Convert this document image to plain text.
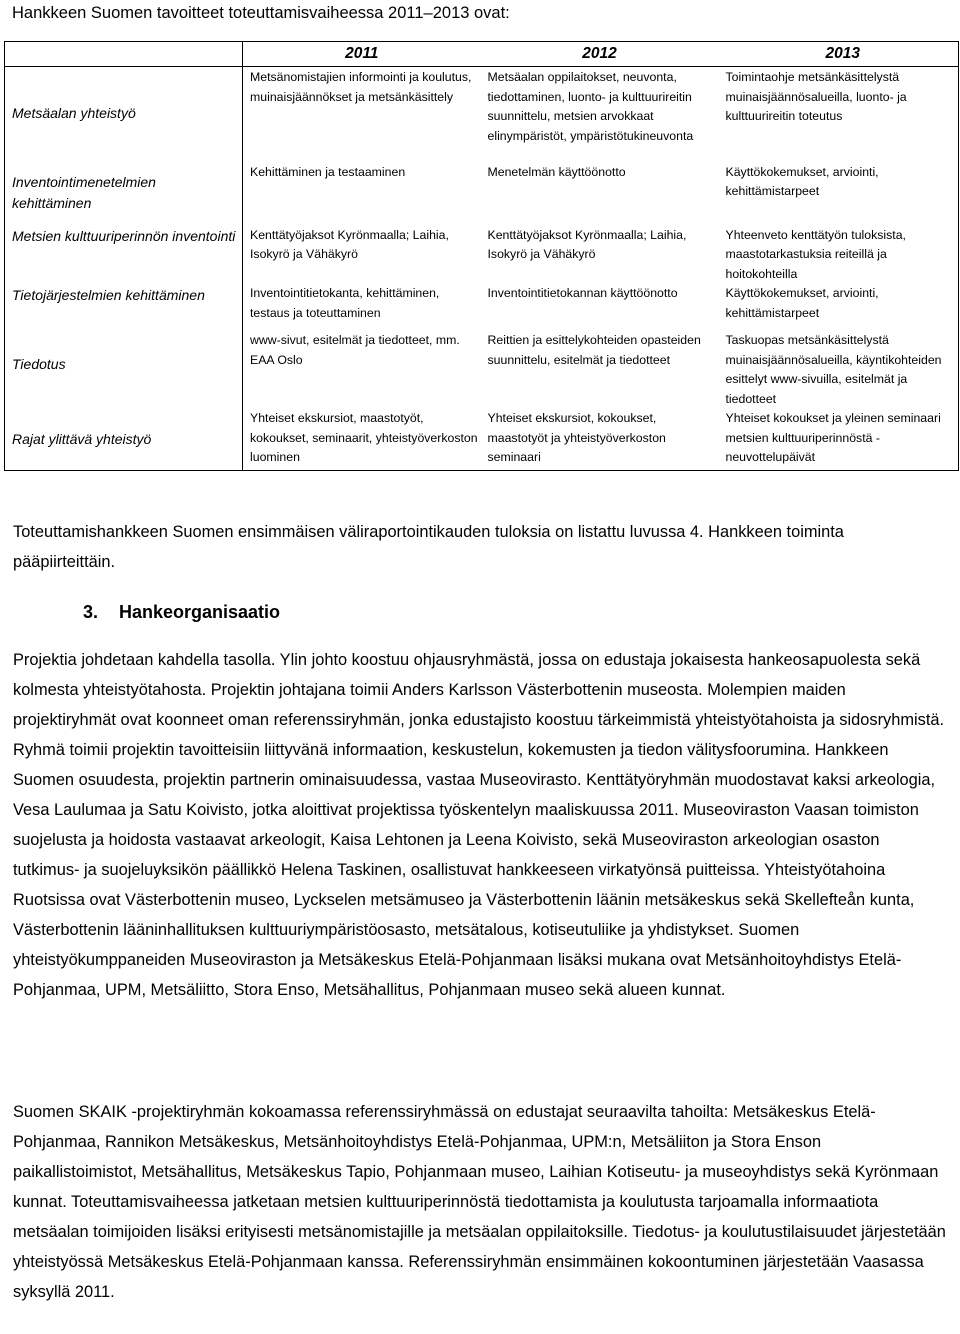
Hankkeen Suomen tavoitteet toteuttamisvaiheessa 2011–2013 ovat:
	2011	2012	2013
Metsäalan yhteistyö	Metsänomistajien informointi ja koulutus, muinaisjäännökset ja metsänkäsittely	Metsäalan oppilaitokset, neuvonta, tiedottaminen, luonto- ja kulttuurireitin suunnittelu, metsien arvokkaat elinympäristöt, ympäristötukineuvonta	Toimintaohje metsänkäsittelystä muinaisjäännösalueilla, luonto- ja kulttuurireitin toteutus
Inventointimenetelmien kehittäminen	Kehittäminen ja testaaminen	Menetelmän käyttöönotto	Käyttökokemukset, arviointi, kehittämistarpeet
Metsien kulttuuriperinnön inventointi	Kenttätyöjaksot Kyrönmaalla; Laihia, Isokyrö ja Vähäkyrö	Kenttätyöjaksot Kyrönmaalla; Laihia, Isokyrö ja Vähäkyrö	Yhteenveto kenttätyön tuloksista, maastotarkastuksia reiteillä ja hoitokohteilla
Tietojärjestelmien kehittäminen	Inventointitietokanta, kehittäminen, testaus ja toteuttaminen	Inventointitietokannan käyttöönotto	Käyttökokemukset, arviointi, kehittämistarpeet
Tiedotus	www-sivut, esitelmät ja tiedotteet, mm. EAA Oslo	Reittien ja esittelykohteiden opasteiden suunnittelu, esitelmät ja tiedotteet	Taskuopas metsänkäsittelystä muinaisjäännösalueilla, käyntikohteiden esittelyt www-sivuilla, esitelmät ja tiedotteet
Rajat ylittävä yhteistyö	Yhteiset ekskursiot, maastotyöt, kokoukset, seminaarit, yhteistyöverkoston luominen	Yhteiset ekskursiot, kokoukset, maastotyöt ja yhteistyöverkoston seminaari	Yhteiset kokoukset ja yleinen seminaari metsien kulttuuriperinnöstä - neuvottelupäivät

Toteuttamishankkeen Suomen ensimmäisen väliraportointikauden tuloksia on listattu luvussa 4. Hankkeen toiminta pääpiirteittäin.

3. Hankeorganisaatio

Projektia johdetaan kahdella tasolla. Ylin johto koostuu ohjausryhmästä, jossa on edustaja jokaisesta hankeosapuolesta sekä kolmesta yhteistyötahosta. Projektin johtajana toimii Anders Karlsson Västerbottenin museosta. Molempien maiden projektiryhmät ovat koonneet oman referenssiryhmän, jonka edustajisto koostuu tärkeimmistä yhteistyötahoista ja sidosryhmistä. Ryhmä toimii projektin tavoitteisiin liittyvänä informaation, keskustelun, kokemusten ja tiedon välitysfoorumina. Hankkeen Suomen osuudesta, projektin partnerin ominaisuudessa, vastaa Museovirasto. Kenttätyöryhmän muodostavat kaksi arkeologia, Vesa Laulumaa ja Satu Koivisto, jotka aloittivat projektissa työskentelyn maaliskuussa 2011. Museoviraston Vaasan toimiston suojelusta ja hoidosta vastaavat arkeologit, Kaisa Lehtonen ja Leena Koivisto, sekä Museoviraston arkeologian osaston tutkimus- ja suojeluyksikön päällikkö Helena Taskinen, osallistuvat hankkeeseen virkatyönsä puitteissa. Yhteistyötahoina Ruotsissa ovat Västerbottenin museo, Lyckselen metsämuseo ja Västerbottenin läänin metsäkeskus sekä Skellefteån kunta, Västerbottenin lääninhallituksen kulttuuriympäristöosasto, metsätalous, kotiseutuliike ja yhdistykset. Suomen yhteistyökumppaneiden Museoviraston ja Metsäkeskus Etelä-Pohjanmaan lisäksi mukana ovat Metsänhoitoyhdistys Etelä-Pohjanmaa, UPM, Metsäliitto, Stora Enso, Metsähallitus, Pohjanmaan museo sekä alueen kunnat.

Suomen SKAIK -projektiryhmän kokoamassa referenssiryhmässä on edustajat seuraavilta tahoilta: Metsäkeskus Etelä-Pohjanmaa, Rannikon Metsäkeskus, Metsänhoitoyhdistys Etelä-Pohjanmaa, UPM:n, Metsäliiton ja Stora Enson paikallistoimistot, Metsähallitus, Metsäkeskus Tapio, Pohjanmaan museo, Laihian Kotiseutu- ja museoyhdistys sekä Kyrönmaan kunnat. Toteuttamisvaiheessa jatketaan metsien kulttuuriperinnöstä tiedottamista ja koulutusta tarjoamalla informaatiota metsäalan toimijoiden lisäksi erityisesti metsänomistajille ja metsäalan oppilaitoksille. Tiedotus- ja koulutustilaisuudet järjestetään yhteistyössä Metsäkeskus Etelä-Pohjanmaan kanssa. Referenssiryhmän ensimmäinen kokoontuminen järjestetään Vaasassa syksyllä 2011.
